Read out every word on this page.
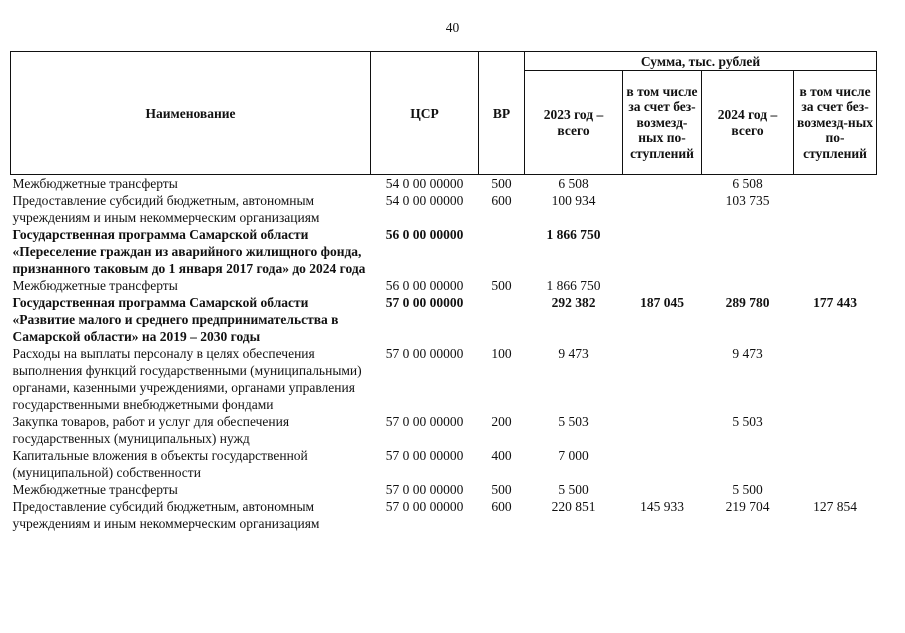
40
Наименование	ЦСР	ВР	Сумма, тыс. рублей			
			2023 год – всего	в том числе за счет без-возмезд-ных по-ступлений	2024 год – всего	в том числе за счет без-возмезд-ных по-ступлений
Межбюджетные трансферты	54 0 00 00000	500	6 508		6 508	
Предоставление субсидий бюджетным, автономным учреждениям и иным некоммерческим организациям	54 0 00 00000	600	100 934		103 735	
Государственная программа Самарской области «Переселение граждан из аварийного жилищного фонда, признанного таковым до 1 января 2017 года» до 2024 года	56 0 00 00000		1 866 750			
Межбюджетные трансферты	56 0 00 00000	500	1 866 750			
Государственная программа Самарской области «Развитие малого и среднего предпринимательства в Самарской области» на 2019 – 2030 годы	57 0 00 00000		292 382	187 045	289 780	177 443
Расходы на выплаты персоналу в целях обеспечения выполнения функций государственными (муниципальными) органами, казенными учреждениями, органами управления государственными внебюджетными фондами	57 0 00 00000	100	9 473		9 473	
Закупка товаров, работ и услуг для обеспечения государственных (муниципальных) нужд	57 0 00 00000	200	5 503		5 503	
Капитальные вложения в объекты государственной (муниципальной) собственности	57 0 00 00000	400	7 000			
Межбюджетные трансферты	57 0 00 00000	500	5 500		5 500	
Предоставление субсидий бюджетным, автономным учреждениям и иным некоммерческим организациям	57 0 00 00000	600	220 851	145 933	219 704	127 854
